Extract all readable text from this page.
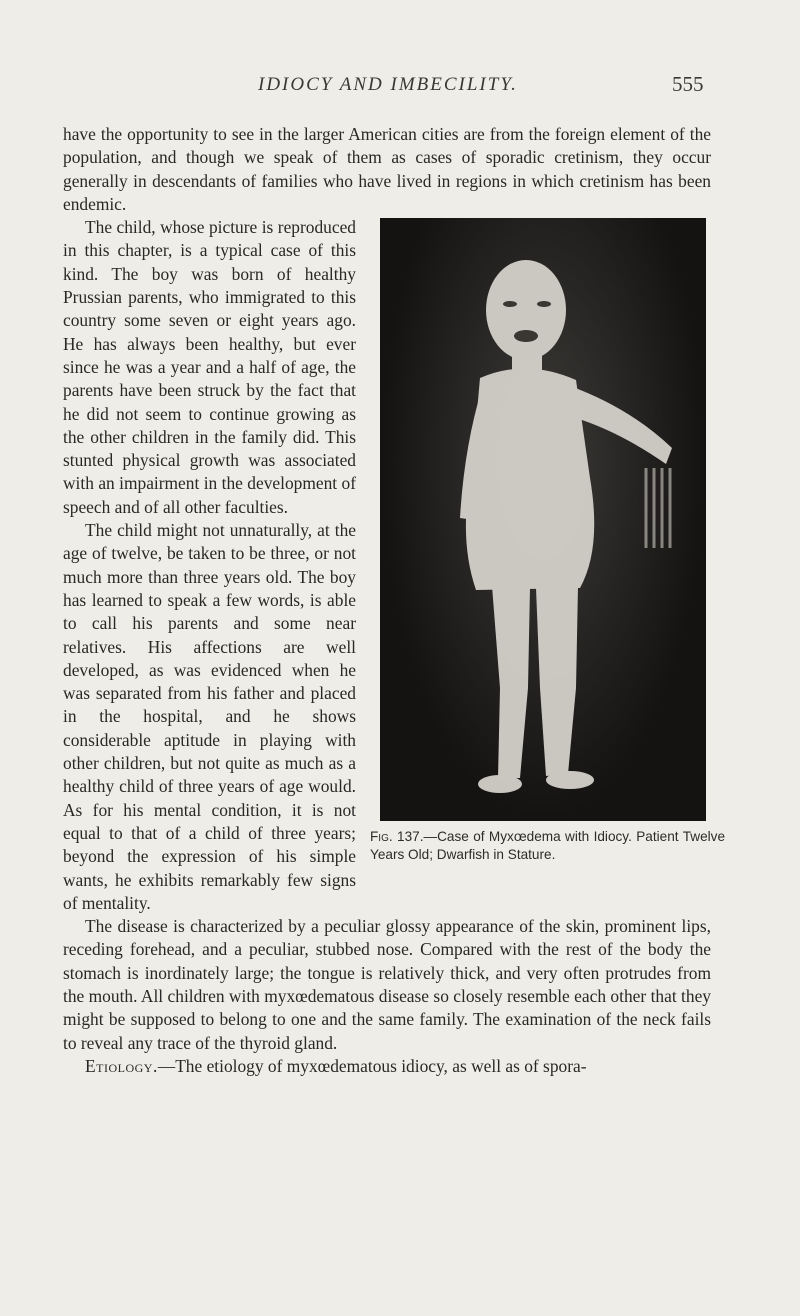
IDIOCY AND IMBECILITY.	555

have the opportunity to see in the larger American cities are from the foreign element of the population, and though we speak of them as cases of sporadic cretinism, they occur generally in descendants of families who have lived in regions in which cretinism has been endemic.

Fig. 137.—Case of Myxœdema with Idiocy. Patient Twelve Years Old; Dwarfish in Stature.

The child, whose picture is reproduced in this chapter, is a typical case of this kind. The boy was born of healthy Prussian parents, who immigrated to this country some seven or eight years ago. He has always been healthy, but ever since he was a year and a half of age, the parents have been struck by the fact that he did not seem to continue growing as the other children in the family did. This stunted physical growth was associated with an impairment in the development of speech and of all other faculties.

The child might not unnaturally, at the age of twelve, be taken to be three, or not much more than three years old. The boy has learned to speak a few words, is able to call his parents and some near relatives. His affections are well developed, as was evidenced when he was separated from his father and placed in the hospital, and he shows considerable aptitude in playing with other children, but not quite as much as a healthy child of three years of age would. As for his mental condition, it is not equal to that of a child of three years; beyond the expression of his simple wants, he exhibits remarkably few signs of mentality.

The disease is characterized by a peculiar glossy appearance of the skin, prominent lips, receding forehead, and a peculiar, stubbed nose. Compared with the rest of the body the stomach is inordinately large; the tongue is relatively thick, and very often protrudes from the mouth. All children with myxœdematous disease so closely resemble each other that they might be supposed to belong to one and the same family. The examination of the neck fails to reveal any trace of the thyroid gland.

Etiology.—The etiology of myxœdematous idiocy, as well as of spora-
